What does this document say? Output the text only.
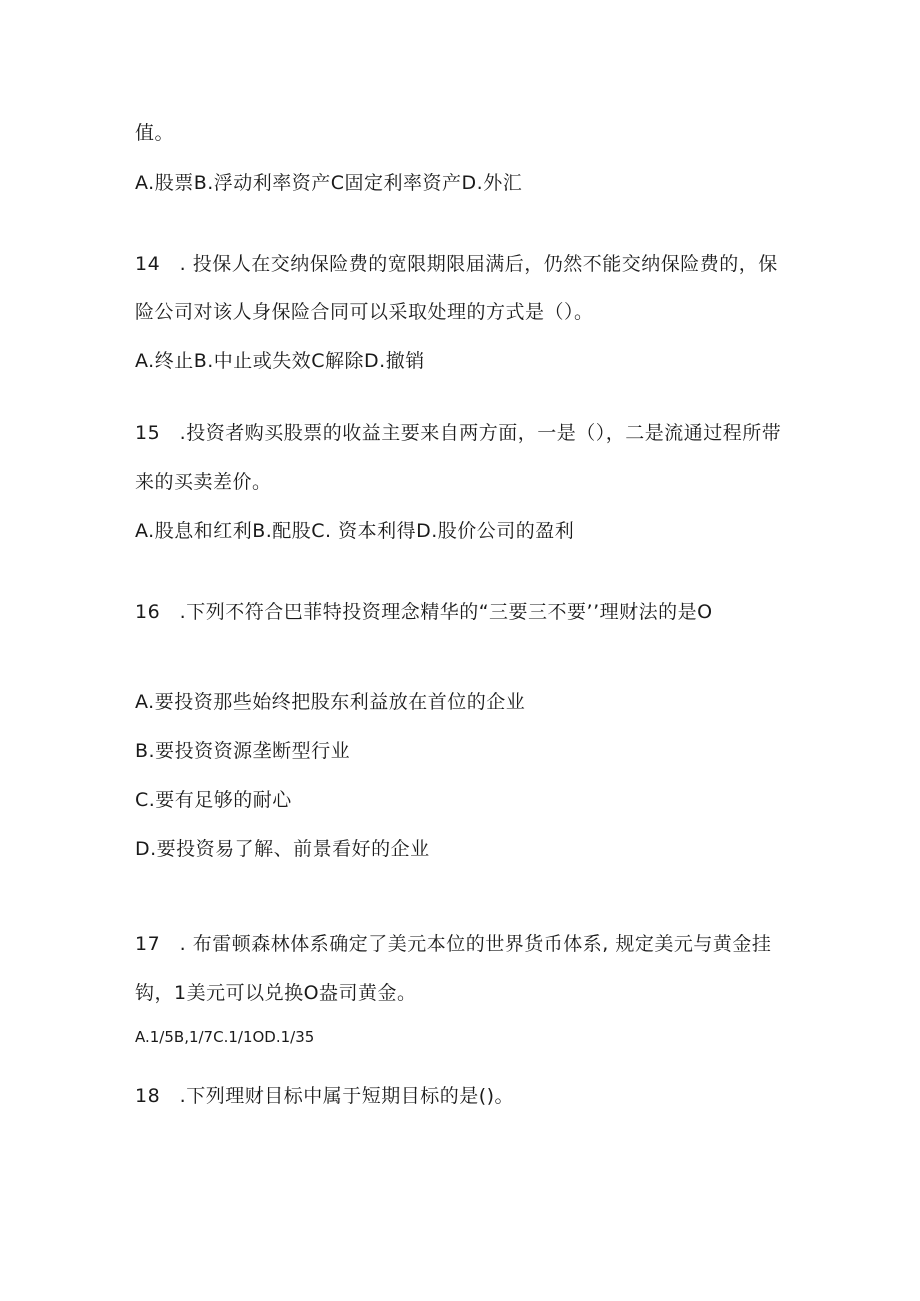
值。
A.股票B.浮动利率资产C固定利率资产D.外汇
14　. 投保人在交纳保险费的宽限期限届满后，仍然不能交纳保险费的，保
险公司对该人身保险合同可以采取处理的方式是（）。
A.终止B.中止或失效C解除D.撤销
15　.投资者购买股票的收益主要来自两方面，一是（），二是流通过程所带
来的买卖差价。
A.股息和红利B.配股C. 资本利得D.股价公司的盈利
16　.下列不符合巴菲特投资理念精华的“三要三不要’’理财法的是O
A.要投资那些始终把股东利益放在首位的企业
B.要投资资源垄断型行业
C.要有足够的耐心
D.要投资易了解、前景看好的企业
17　. 布雷顿森林体系确定了美元本位的世界货币体系, 规定美元与黄金挂
钩，1美元可以兑换O盎司黄金。
A.1/5B,1/7C.1/1OD.1/35
18　.下列理财目标中属于短期目标的是()。
